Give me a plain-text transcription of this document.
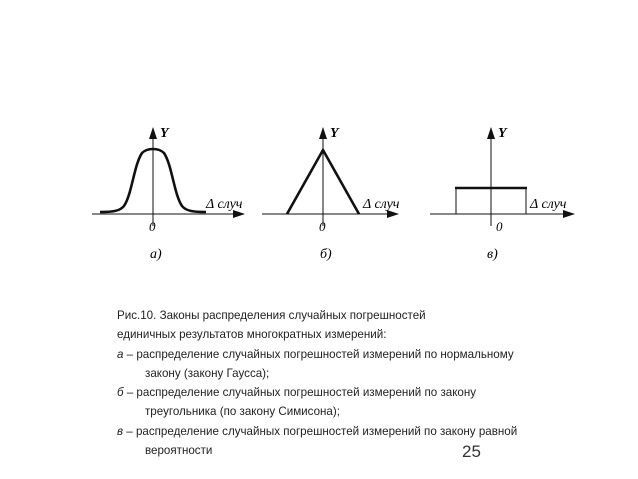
Y
Δ случ
0
а)
Y
Δ случ
0
б)
Y
Δ случ
0
в)
Рис.10. Законы распределения случайных погрешностей
единичных результатов многократных измерений:
а – распределение случайных погрешностей измерений по нормальному
закону (закону Гаусса);
б – распределение случайных погрешностей измерений по закону
треугольника (по закону Симисона);
в – распределение случайных погрешностей измерений по закону равной
вероятности	25
